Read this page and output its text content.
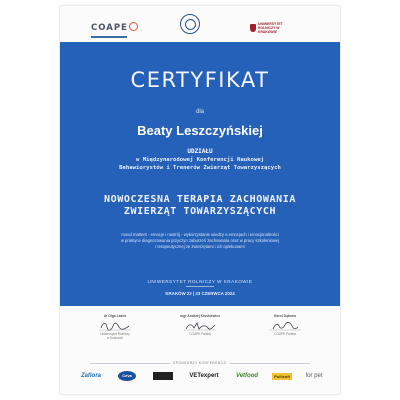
COAPE	UNIWERSYTET ROLNICZY W KRAKOWIE
CERTYFIKAT
dla
Beaty Leszczyńskiej
UDZIAŁU
w Międzynarodowej Konferencji Naukowej
Behawiorystów i Trenerów Zwierząt Towarzyszących
NOWOCZESNA TERAPIA ZACHOWANIA
ZWIERZĄT TOWARZYSZĄCYCH
mood matters - emocje i nastrój - wykorzystanie wiedzy o emocjach i emocjonalności
w praktyce diagnozowania przyczyn zaburzeń zachowania oraz w pracy szkoleniowej
i terapeutycznej ze zwierzętami i ich opiekunami
UNIWERSYTET ROLNICZY W KRAKOWIE
KRAKÓW 22 | 23 CZERWCA 2024
dr Olga Lasek
Uniwersytet Rolniczy
w Krakowie
mgr Andrzej Kłoskiewicz
COAPE Polska
Karol Dąbrow
COAPE Polska
SPONSORZY KONFERENCJI
Zafiora	Ceva	VETexpert	Vetfood	Pollisoft	for pet
